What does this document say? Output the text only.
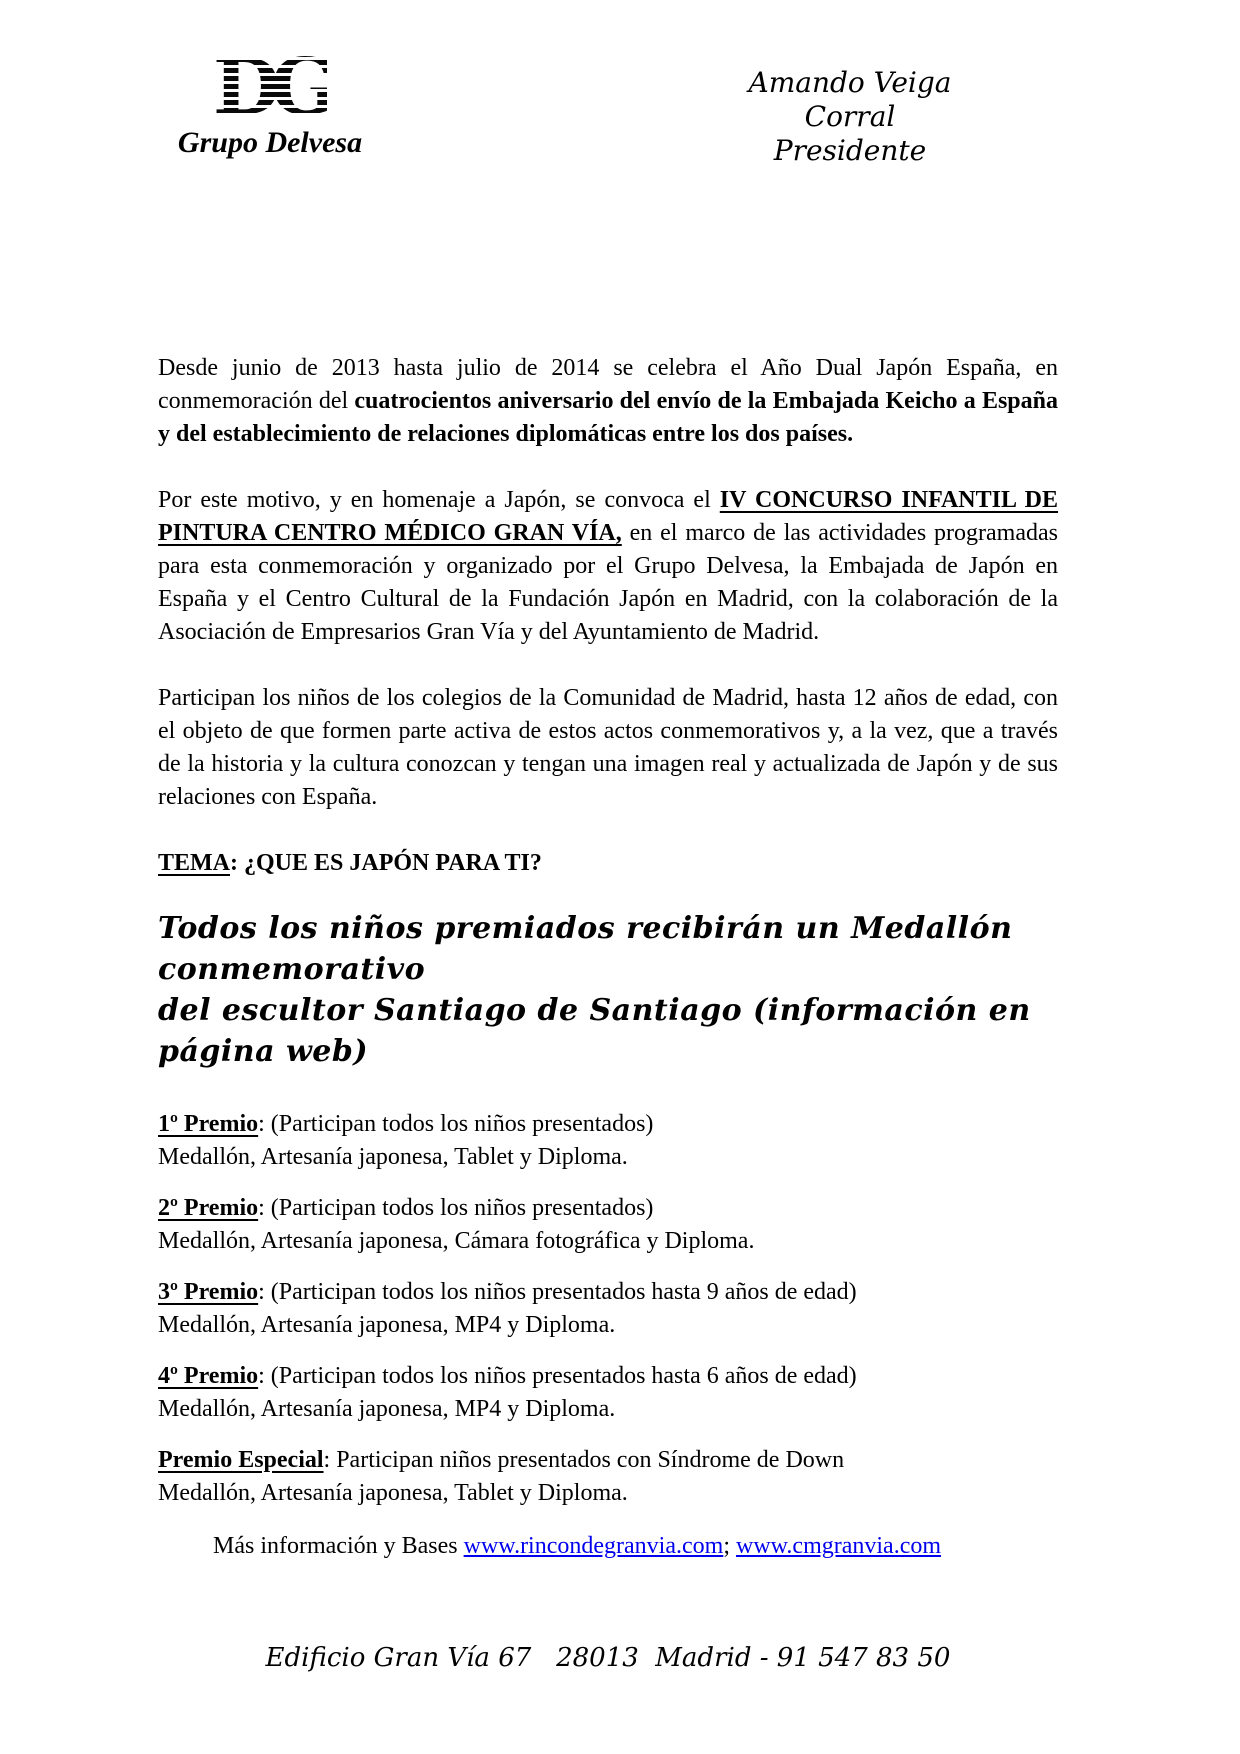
DG
Grupo Delvesa
Amando Veiga Corral
Presidente

Desde junio de 2013 hasta julio de 2014 se celebra el Año Dual Japón España, en conmemoración del cuatrocientos aniversario del envío de la Embajada Keicho a España y del establecimiento de relaciones diplomáticas entre los dos países.

Por este motivo, y en homenaje a Japón, se convoca el IV CONCURSO INFANTIL DE PINTURA CENTRO MÉDICO GRAN VÍA, en el marco de las actividades programadas para esta conmemoración y organizado por el Grupo Delvesa, la Embajada de Japón en España y el Centro Cultural de la Fundación Japón en Madrid, con la colaboración de la Asociación de Empresarios Gran Vía y del Ayuntamiento de Madrid.

Participan los niños de los colegios de la Comunidad de Madrid, hasta 12 años de edad, con el objeto de que formen parte activa de estos actos conmemorativos y, a la vez, que a través de la historia y la cultura conozcan y tengan una imagen real y actualizada de Japón y de sus relaciones con España.

TEMA: ¿QUE ES JAPÓN PARA TI?

Todos los niños premiados recibirán un Medallón conmemorativo
del escultor Santiago de Santiago (información en página web)
1º Premio: (Participan todos los niños presentados)
Medallón, Artesanía japonesa, Tablet y Diploma.
2º Premio: (Participan todos los niños presentados)
Medallón, Artesanía japonesa, Cámara fotográfica y Diploma.
3º Premio: (Participan todos los niños presentados hasta 9 años de edad)
Medallón, Artesanía japonesa, MP4 y Diploma.
4º Premio: (Participan todos los niños presentados hasta 6 años de edad)
Medallón, Artesanía japonesa, MP4 y Diploma.
Premio Especial: Participan niños presentados con Síndrome de Down
Medallón, Artesanía japonesa, Tablet y Diploma.
Más información y Bases www.rincondegranvia.com; www.cmgranvia.com
Edificio Gran Vía 67   28013  Madrid - 91 547 83 50
